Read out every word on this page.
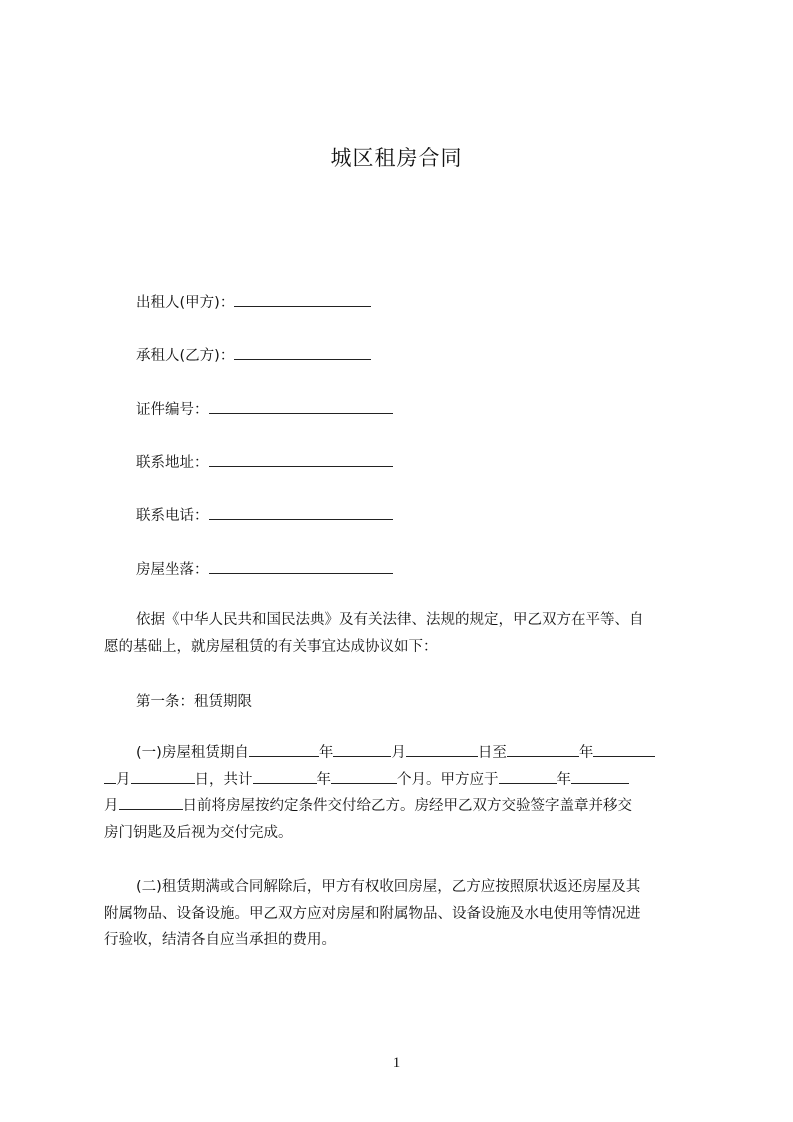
城区租房合同
出租人(甲方)：
承租人(乙方)：
证件编号：
联系地址：
联系电话：
房屋坐落：
依据《中华人民共和国民法典》及有关法律、法规的规定，甲乙双方在平等、自
愿的基础上，就房屋租赁的有关事宜达成协议如下：
第一条：租赁期限
(一)房屋租赁期自	年	月	日至	年
月	日，共计	年	个月。甲方应于	年
月	日前将房屋按约定条件交付给乙方。房经甲乙双方交验签字盖章并移交
房门钥匙及后视为交付完成。
(二)租赁期满或合同解除后，甲方有权收回房屋，乙方应按照原状返还房屋及其
附属物品、设备设施。甲乙双方应对房屋和附属物品、设备设施及水电使用等情况进
行验收，结清各自应当承担的费用。
1
